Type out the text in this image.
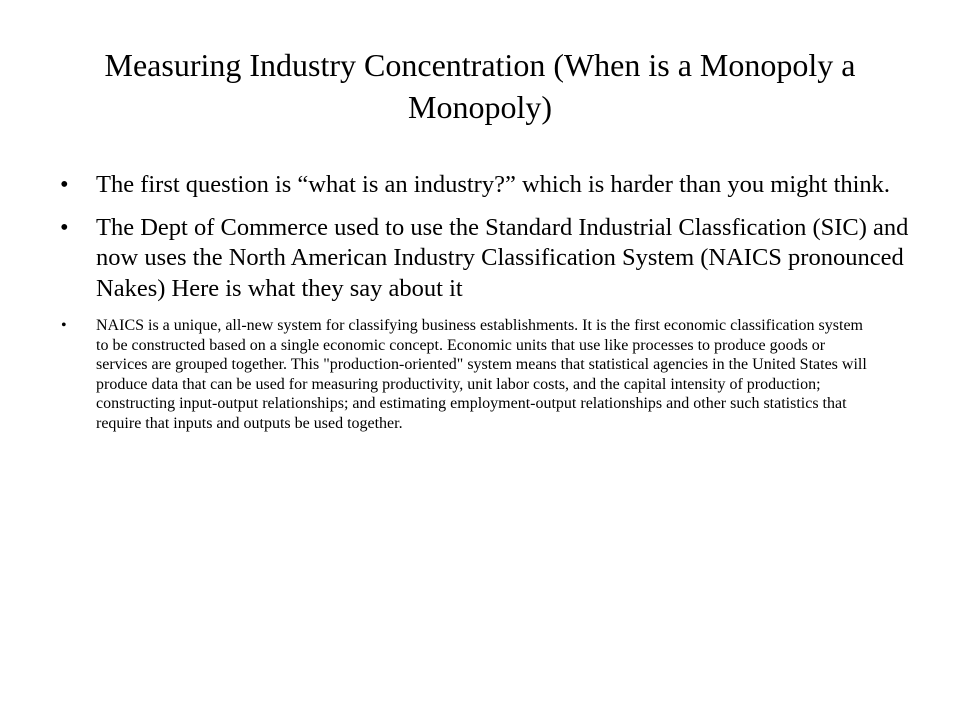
Measuring Industry Concentration (When is a Monopoly a Monopoly)
• The first question is “what is an industry?” which is harder than you might think.
• The Dept of Commerce used to use the Standard Industrial Classfication (SIC) and now uses the North American Industry Classification System (NAICS pronounced Nakes) Here is what they say about it
• NAICS is a unique, all-new system for classifying business establishments. It is the first economic classification system to be constructed based on a single economic concept. Economic units that use like processes to produce goods or services are grouped together. This "production-oriented" system means that statistical agencies in the United States will produce data that can be used for measuring productivity, unit labor costs, and the capital intensity of production; constructing input-output relationships; and estimating employment-output relationships and other such statistics that require that inputs and outputs be used together.
